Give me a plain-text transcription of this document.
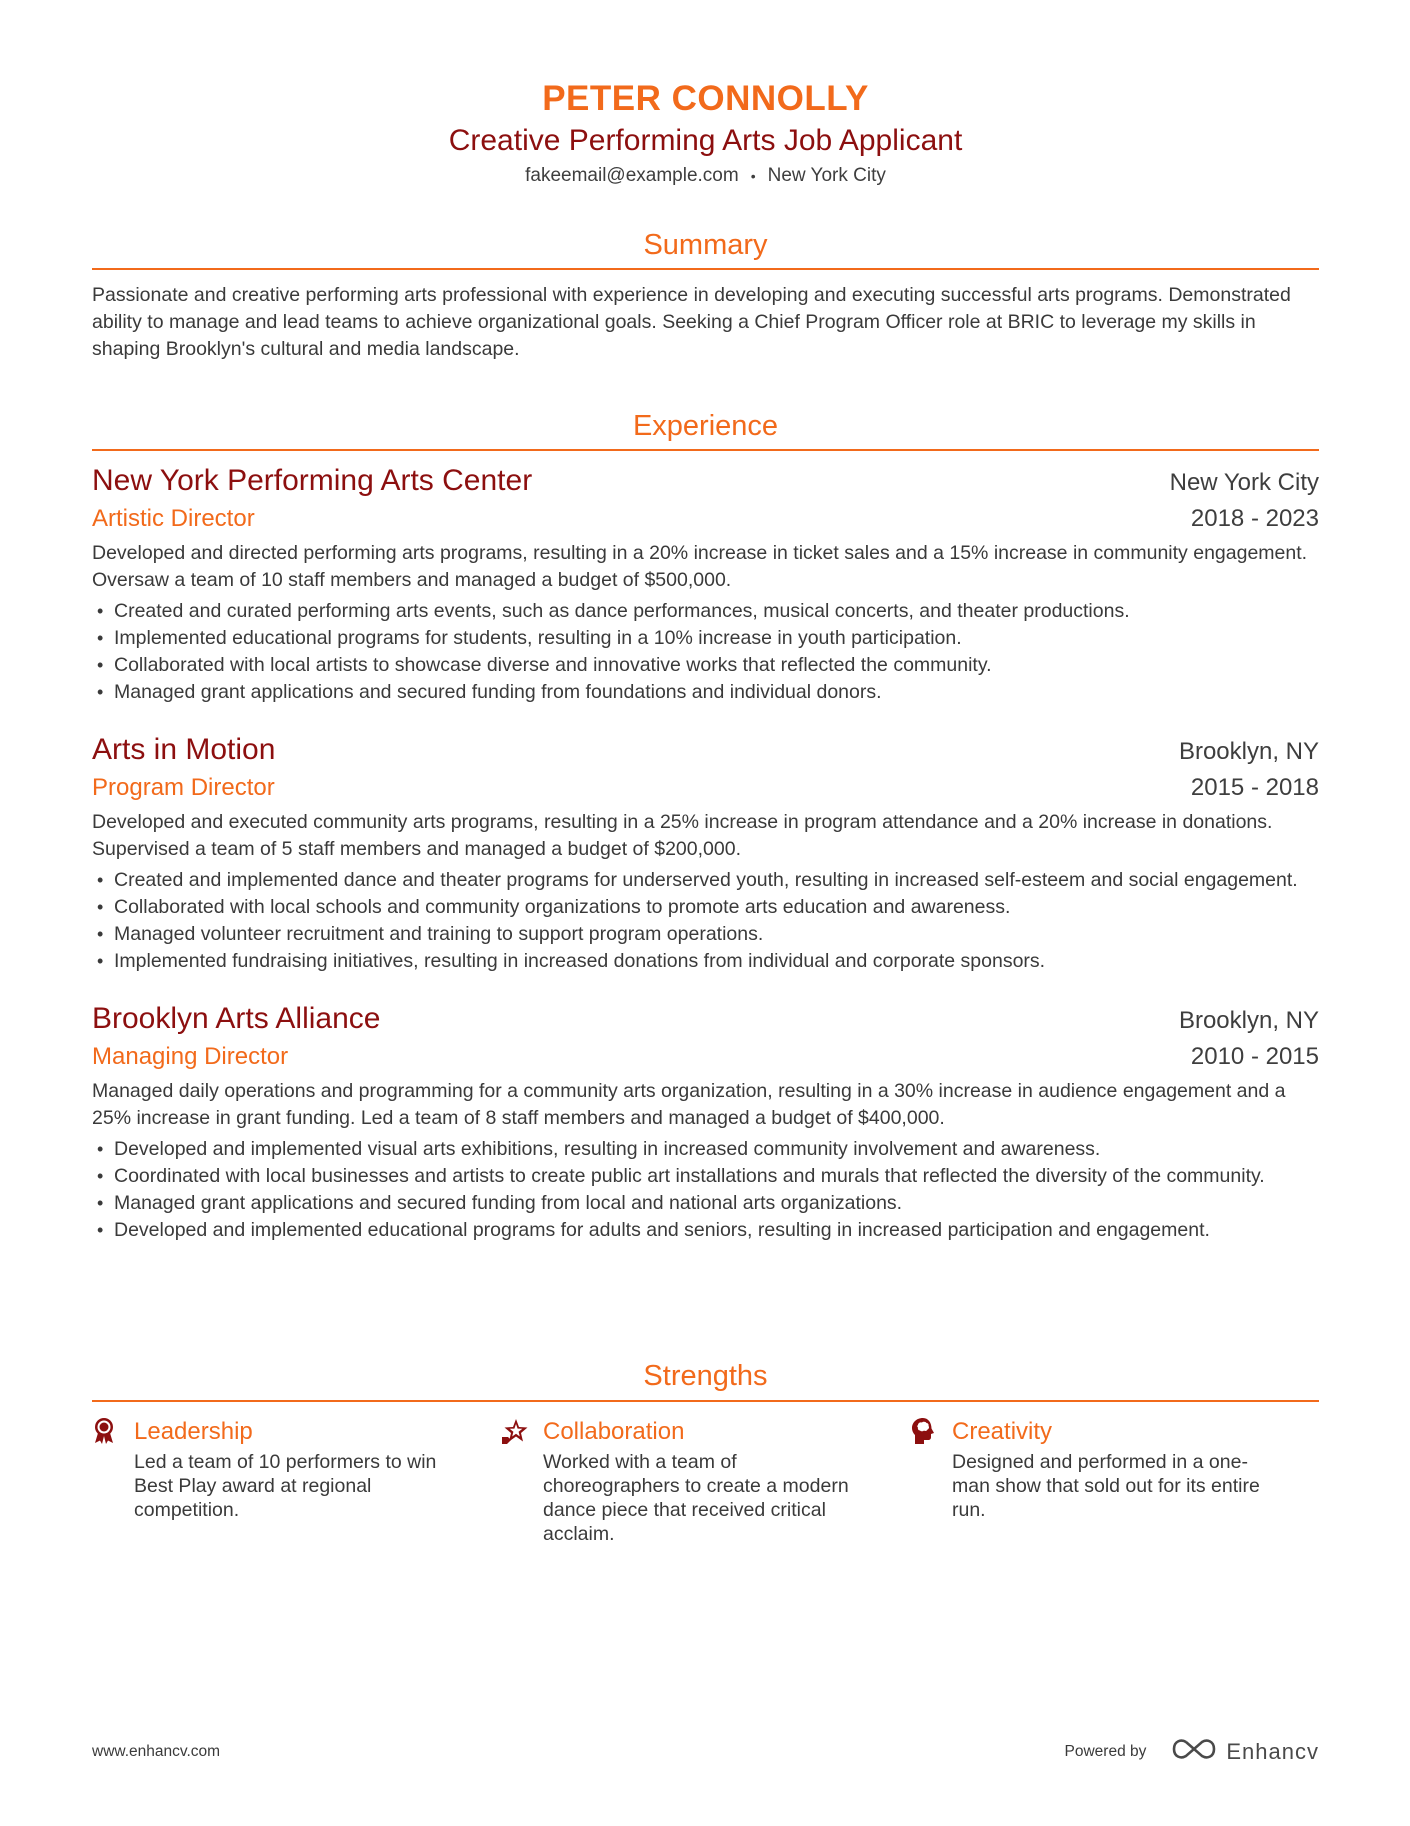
PETER CONNOLLY
Creative Performing Arts Job Applicant
fakeemail@example.com • New York City
Summary

Passionate and creative performing arts professional with experience in developing and executing successful arts programs. Demonstrated ability to manage and lead teams to achieve organizational goals. Seeking a Chief Program Officer role at BRIC to leverage my skills in shaping Brooklyn's cultural and media landscape.

Experience
New York Performing Arts Center	New York City
Artistic Director	2018 - 2023

Developed and directed performing arts programs, resulting in a 20% increase in ticket sales and a 15% increase in community engagement. Oversaw a team of 10 staff members and managed a budget of $500,000.

• Created and curated performing arts events, such as dance performances, musical concerts, and theater productions.
• Implemented educational programs for students, resulting in a 10% increase in youth participation.
• Collaborated with local artists to showcase diverse and innovative works that reflected the community.
• Managed grant applications and secured funding from foundations and individual donors.
Arts in Motion	Brooklyn, NY
Program Director	2015 - 2018

Developed and executed community arts programs, resulting in a 25% increase in program attendance and a 20% increase in donations. Supervised a team of 5 staff members and managed a budget of $200,000.

• Created and implemented dance and theater programs for underserved youth, resulting in increased self-esteem and social engagement.
• Collaborated with local schools and community organizations to promote arts education and awareness.
• Managed volunteer recruitment and training to support program operations.
• Implemented fundraising initiatives, resulting in increased donations from individual and corporate sponsors.
Brooklyn Arts Alliance	Brooklyn, NY
Managing Director	2010 - 2015

Managed daily operations and programming for a community arts organization, resulting in a 30% increase in audience engagement and a 25% increase in grant funding. Led a team of 8 staff members and managed a budget of $400,000.

• Developed and implemented visual arts exhibitions, resulting in increased community involvement and awareness.
• Coordinated with local businesses and artists to create public art installations and murals that reflected the diversity of the community.
• Managed grant applications and secured funding from local and national arts organizations.
• Developed and implemented educational programs for adults and seniors, resulting in increased participation and engagement.
Strengths
Leadership
Led a team of 10 performers to win Best Play award at regional competition.
Collaboration
Worked with a team of choreographers to create a modern dance piece that received critical acclaim.
Creativity
Designed and performed in a one-man show that sold out for its entire run.
www.enhancv.com	Powered by	Enhancv
